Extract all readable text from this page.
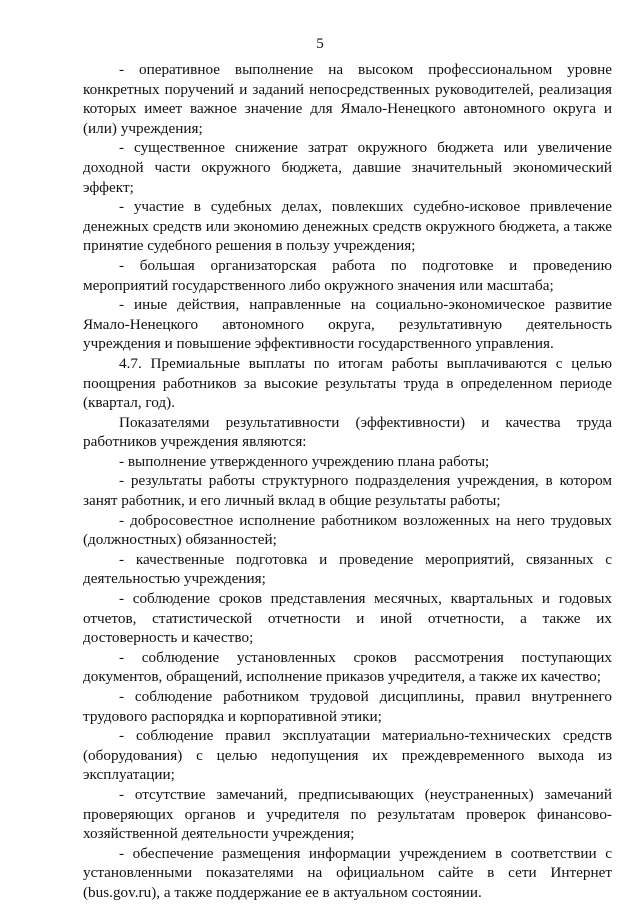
5

- оперативное выполнение на высоком профессиональном уровне конкретных поручений и заданий непосредственных руководителей, реализация которых имеет важное значение для Ямало-Ненецкого автономного округа и (или) учреждения;

- существенное снижение затрат окружного бюджета или увеличение доходной части окружного бюджета, давшие значительный экономический эффект;

- участие в судебных делах, повлекших судебно-исковое привлечение денежных средств или экономию денежных средств окружного бюджета, а также принятие судебного решения в пользу учреждения;

- большая организаторская работа по подготовке и проведению мероприятий государственного либо окружного значения или масштаба;

- иные действия, направленные на социально-экономическое развитие Ямало-Ненецкого автономного округа, результативную деятельность учреждения и повышение эффективности государственного управления.

4.7. Премиальные выплаты по итогам работы выплачиваются с целью поощрения работников за высокие результаты труда в определенном периоде (квартал, год).

Показателями результативности (эффективности) и качества труда работников учреждения являются:

- выполнение утвержденного учреждению плана работы;

- результаты работы структурного подразделения учреждения, в котором занят работник, и его личный вклад в общие результаты работы;

- добросовестное исполнение работником возложенных на него трудовых (должностных) обязанностей;

- качественные подготовка и проведение мероприятий, связанных с деятельностью учреждения;

- соблюдение сроков представления месячных, квартальных и годовых отчетов, статистической отчетности и иной отчетности, а также их достоверность и качество;

- соблюдение установленных сроков рассмотрения поступающих документов, обращений, исполнение приказов учредителя, а также их качество;

- соблюдение работником трудовой дисциплины, правил внутреннего трудового распорядка и корпоративной этики;

- соблюдение правил эксплуатации материально-технических средств (оборудования) с целью недопущения их преждевременного выхода из эксплуатации;

- отсутствие замечаний, предписывающих (неустраненных) замечаний проверяющих органов и учредителя по результатам проверок финансово-хозяйственной деятельности учреждения;

- обеспечение размещения информации учреждением в соответствии с установленными показателями на официальном сайте в сети Интернет (bus.gov.ru), а также поддержание ее в актуальном состоянии.
